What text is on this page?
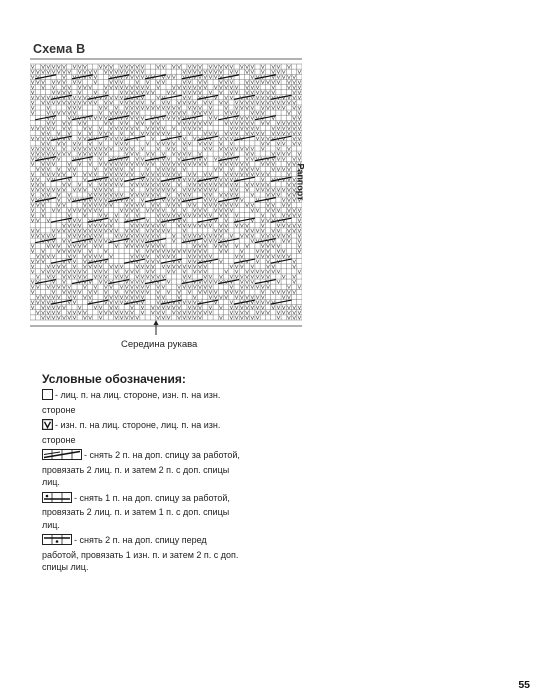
Схема В
Раппорт
Середина рукава
Условные обозначения:
- лиц. п. на лиц. стороне, изн. п. на изн. стороне
- изн. п. на лиц. стороне, лиц. п. на изн. стороне
- снять 2 п. на доп. спицу за работой, провязать 2 лиц. п. и затем 2 п. с доп. спицы лиц.
- снять 1 п. на доп. спицу за работой, провязать 2 лиц. п. и затем 1 п. с доп. спицы лиц.
- снять 2 п. на доп. спицу перед работой, провязать 1 изн. п. и затем 2 п. с доп. спицы лиц.
55
